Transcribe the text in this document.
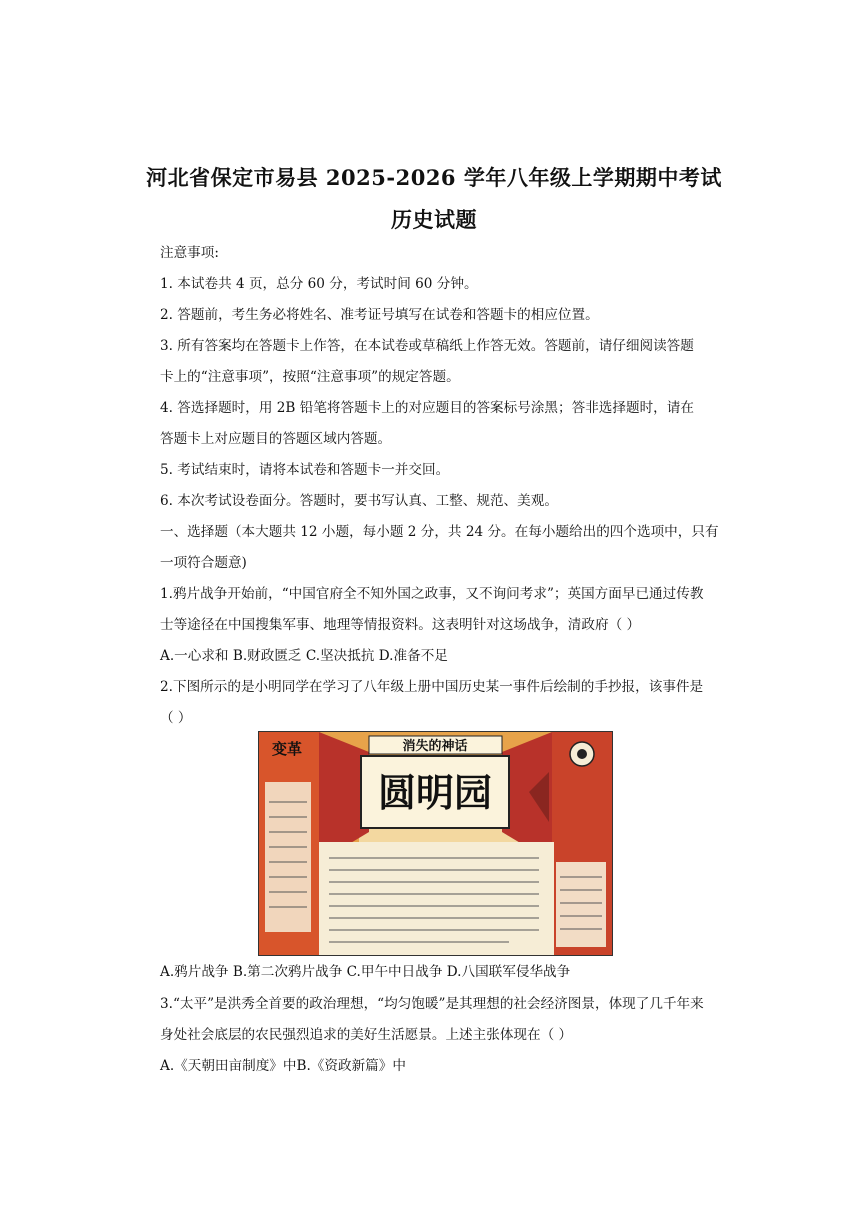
河北省保定市易县 2025-2026 学年八年级上学期期中考试
历史试题
注意事项:
1. 本试卷共 4 页，总分 60 分，考试时间 60 分钟。
2. 答题前，考生务必将姓名、准考证号填写在试卷和答题卡的相应位置。
3. 所有答案均在答题卡上作答，在本试卷或草稿纸上作答无效。答题前，请仔细阅读答题
卡上的“注意事项”，按照“注意事项”的规定答题。
4. 答选择题时，用 2B 铅笔将答题卡上的对应题目的答案标号涂黑；答非选择题时，请在
答题卡上对应题目的答题区域内答题。
5. 考试结束时，请将本试卷和答题卡一并交回。
6. 本次考试设卷面分。答题时，要书写认真、工整、规范、美观。
一、选择题（本大题共 12 小题，每小题 2 分，共 24 分。在每小题给出的四个选项中，只有
一项符合题意)
1.鸦片战争开始前，“中国官府全不知外国之政事，又不询问考求”；英国方面早已通过传教
士等途径在中国搜集军事、地理等情报资料。这表明针对这场战争，清政府（ ）
A.一心求和 B.财政匮乏 C.坚决抵抗 D.准备不足
2.下图所示的是小明同学在学习了八年级上册中国历史某一事件后绘制的手抄报，该事件是
（ ）
消失的神话
圆明园
变革
A.鸦片战争 B.第二次鸦片战争 C.甲午中日战争 D.八国联军侵华战争
3.“太平”是洪秀全首要的政治理想，“均匀饱暖”是其理想的社会经济图景，体现了几千年来
身处社会底层的农民强烈追求的美好生活愿景。上述主张体现在（ ）
A.《天朝田亩制度》中B.《资政新篇》中
